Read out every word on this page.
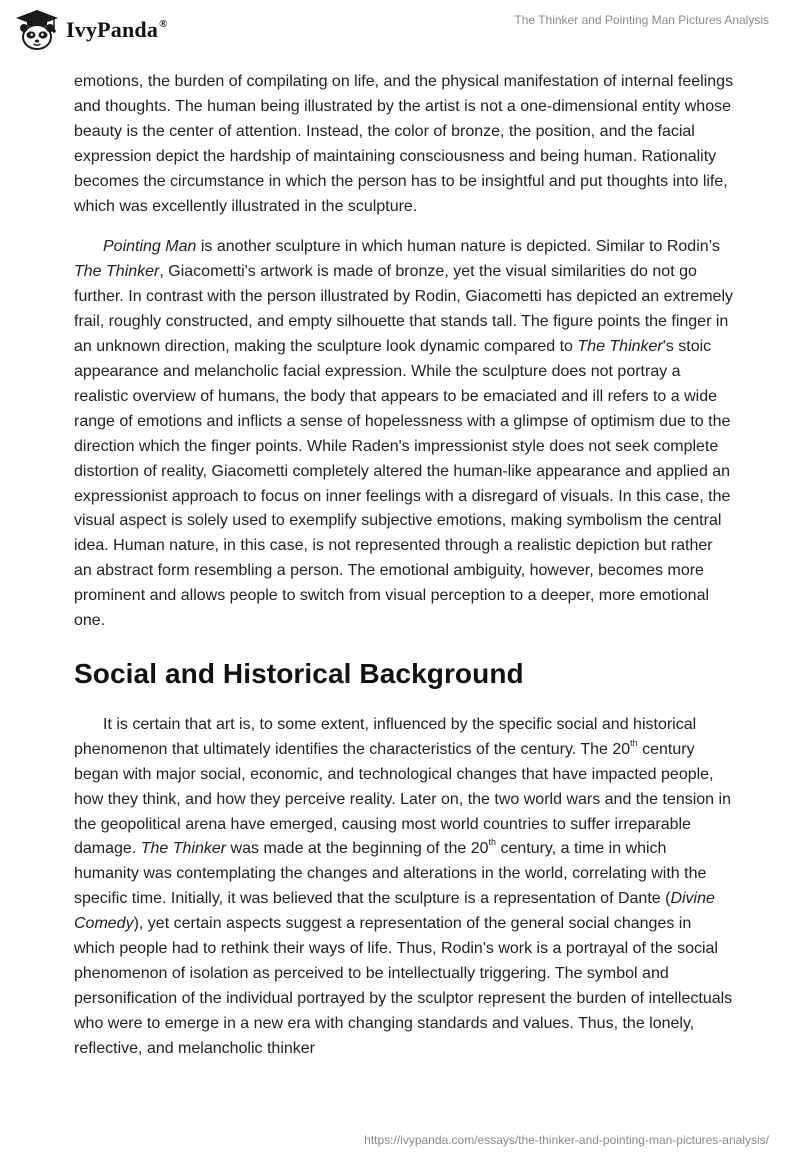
IvyPanda®	The Thinker and Pointing Man Pictures Analysis

emotions, the burden of compilating on life, and the physical manifestation of internal feelings and thoughts. The human being illustrated by the artist is not a one-dimensional entity whose beauty is the center of attention. Instead, the color of bronze, the position, and the facial expression depict the hardship of maintaining consciousness and being human. Rationality becomes the circumstance in which the person has to be insightful and put thoughts into life, which was excellently illustrated in the sculpture.

Pointing Man is another sculpture in which human nature is depicted. Similar to Rodin’s The Thinker, Giacometti's artwork is made of bronze, yet the visual similarities do not go further. In contrast with the person illustrated by Rodin, Giacometti has depicted an extremely frail, roughly constructed, and empty silhouette that stands tall. The figure points the finger in an unknown direction, making the sculpture look dynamic compared to The Thinker's stoic appearance and melancholic facial expression. While the sculpture does not portray a realistic overview of humans, the body that appears to be emaciated and ill refers to a wide range of emotions and inflicts a sense of hopelessness with a glimpse of optimism due to the direction which the finger points. While Raden's impressionist style does not seek complete distortion of reality, Giacometti completely altered the human-like appearance and applied an expressionist approach to focus on inner feelings with a disregard of visuals. In this case, the visual aspect is solely used to exemplify subjective emotions, making symbolism the central idea. Human nature, in this case, is not represented through a realistic depiction but rather an abstract form resembling a person. The emotional ambiguity, however, becomes more prominent and allows people to switch from visual perception to a deeper, more emotional one.

Social and Historical Background

It is certain that art is, to some extent, influenced by the specific social and historical phenomenon that ultimately identifies the characteristics of the century. The 20th century began with major social, economic, and technological changes that have impacted people, how they think, and how they perceive reality. Later on, the two world wars and the tension in the geopolitical arena have emerged, causing most world countries to suffer irreparable damage. The Thinker was made at the beginning of the 20th century, a time in which humanity was contemplating the changes and alterations in the world, correlating with the specific time. Initially, it was believed that the sculpture is a representation of Dante (Divine Comedy), yet certain aspects suggest a representation of the general social changes in which people had to rethink their ways of life. Thus, Rodin's work is a portrayal of the social phenomenon of isolation as perceived to be intellectually triggering. The symbol and personification of the individual portrayed by the sculptor represent the burden of intellectuals who were to emerge in a new era with changing standards and values. Thus, the lonely, reflective, and melancholic thinker

https://ivypanda.com/essays/the-thinker-and-pointing-man-pictures-analysis/
